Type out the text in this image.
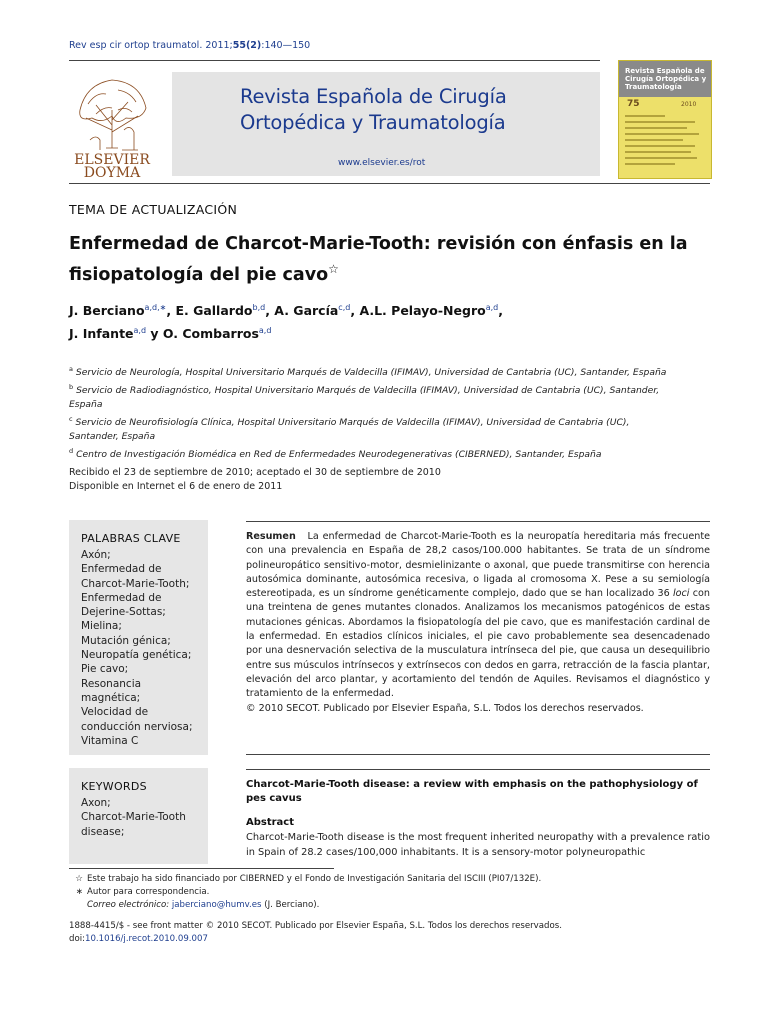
Rev esp cir ortop traumatol. 2011;55(2):140—150
ELSEVIER
DOYMA
Revista Española de Cirugía
Ortopédica y Traumatología
www.elsevier.es/rot
Revista Española de Cirugía Ortopédica y Traumatología
75	2010
TEMA DE ACTUALIZACIÓN
Enfermedad de Charcot-Marie-Tooth: revisión con énfasis en la fisiopatología del pie cavo☆
J. Berciano$^{a,d,∗}$, E. Gallardo$^{b,d}$, A. García$^{c,d}$, A.L. Pelayo-Negro$^{a,d}$,
J. Infante$^{a,d}$ y O. Combarros$^{a,d}$
$^a$ Servicio de Neurología, Hospital Universitario Marqués de Valdecilla (IFIMAV), Universidad de Cantabria (UC), Santander, España
$^b$ Servicio de Radiodiagnóstico, Hospital Universitario Marqués de Valdecilla (IFIMAV), Universidad de Cantabria (UC), Santander,
España
$^c$ Servicio de Neurofisiología Clínica, Hospital Universitario Marqués de Valdecilla (IFIMAV), Universidad de Cantabria (UC),
Santander, España
$^d$ Centro de Investigación Biomédica en Red de Enfermedades Neurodegenerativas (CIBERNED), Santander, España
Recibido el 23 de septiembre de 2010; aceptado el 30 de septiembre de 2010
Disponible en Internet el 6 de enero de 2011
PALABRAS CLAVE
Axón;
Enfermedad de
Charcot-Marie-Tooth;
Enfermedad de
Dejerine-Sottas;
Mielina;
Mutación génica;
Neuropatía genética;
Pie cavo;
Resonancia
magnética;
Velocidad de
conducción nerviosa;
Vitamina C
Resumen La enfermedad de Charcot-Marie-Tooth es la neuropatía hereditaria más frecuente con una prevalencia en España de 28,2 casos/100.000 habitantes. Se trata de un síndrome polineuropático sensitivo-motor, desmielinizante o axonal, que puede transmitirse con herencia autosómica dominante, autosómica recesiva, o ligada al cromosoma X. Pese a su semiología estereotipada, es un síndrome genéticamente complejo, dado que se han localizado 36 loci con una treintena de genes mutantes clonados. Analizamos los mecanismos patogénicos de estas mutaciones génicas. Abordamos la fisiopatología del pie cavo, que es manifestación cardinal de la enfermedad. En estadios clínicos iniciales, el pie cavo probablemente sea desencadenado por una desnervación selectiva de la musculatura intrínseca del pie, que causa un desequilibrio entre sus músculos intrínsecos y extrínsecos con dedos en garra, retracción de la fascia plantar, elevación del arco plantar, y acortamiento del tendón de Aquiles. Revisamos el diagnóstico y tratamiento de la enfermedad.
© 2010 SECOT. Publicado por Elsevier España, S.L. Todos los derechos reservados.
KEYWORDS
Axon;
Charcot-Marie-Tooth
disease;
Charcot-Marie-Tooth disease: a review with emphasis on the pathophysiology of pes cavus
Abstract
Charcot-Marie-Tooth disease is the most frequent inherited neuropathy with a prevalence ratio in Spain of 28.2 cases/100,000 inhabitants. It is a sensory-motor polyneuropathic
☆ Este trabajo ha sido financiado por CIBERNED y el Fondo de Investigación Sanitaria del ISCIII (PI07/132E).
∗ Autor para correspondencia.
Correo electrónico: jaberciano@humv.es (J. Berciano).
1888-4415/$ - see front matter © 2010 SECOT. Publicado por Elsevier España, S.L. Todos los derechos reservados.
doi:10.1016/j.recot.2010.09.007
